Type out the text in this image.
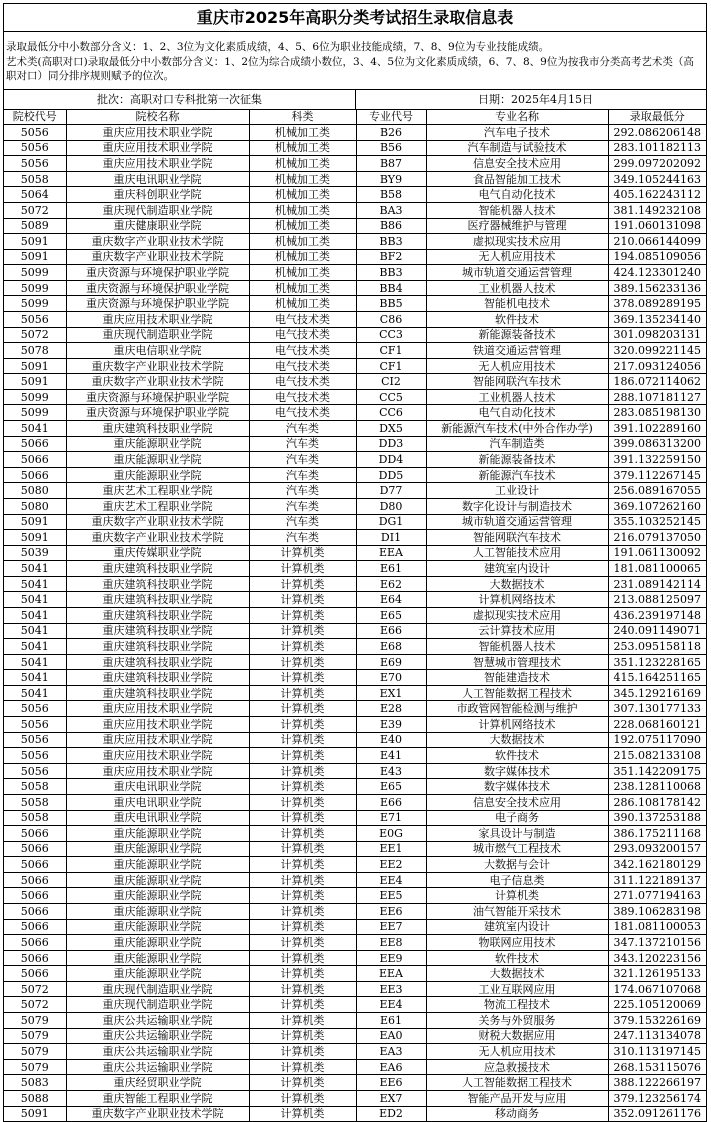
重庆市2025年高职分类考试招生录取信息表

录取最低分中小数部分含义：1、2、3位为文化素质成绩，4、5、6位为职业技能成绩，7、8、9位为专业技能成绩。

艺术类(高职对口)录取最低分中小数部分含义：1、2位为综合成绩小数位，3、4、5位为文化素质成绩，6、7、8、9位为按我市分类高考艺术类（高职对口）同分排序规则赋予的位次。

批次：高职对口专科批第一次征集	日期：2025年4月15日
院校代号	院校名称	科类	专业代号	专业名称	录取最低分
5056	重庆应用技术职业学院	机械加工类	B26	汽车电子技术	292.086206148
5056	重庆应用技术职业学院	机械加工类	B56	汽车制造与试验技术	283.101182113
5056	重庆应用技术职业学院	机械加工类	B87	信息安全技术应用	299.097202092
5058	重庆电讯职业学院	机械加工类	BY9	食品智能加工技术	349.105244163
5064	重庆科创职业学院	机械加工类	B58	电气自动化技术	405.162243112
5072	重庆现代制造职业学院	机械加工类	BA3	智能机器人技术	381.149232108
5089	重庆健康职业学院	机械加工类	B86	医疗器械维护与管理	191.060131098
5091	重庆数字产业职业技术学院	机械加工类	BB3	虚拟现实技术应用	210.066144099
5091	重庆数字产业职业技术学院	机械加工类	BF2	无人机应用技术	194.085109056
5099	重庆资源与环境保护职业学院	机械加工类	BB3	城市轨道交通运营管理	424.123301240
5099	重庆资源与环境保护职业学院	机械加工类	BB4	工业机器人技术	389.156233136
5099	重庆资源与环境保护职业学院	机械加工类	BB5	智能机电技术	378.089289195
5056	重庆应用技术职业学院	电气技术类	C86	软件技术	369.135234140
5072	重庆现代制造职业学院	电气技术类	CC3	新能源装备技术	301.098203131
5078	重庆电信职业学院	电气技术类	CF1	铁道交通运营管理	320.099221145
5091	重庆数字产业职业技术学院	电气技术类	CF1	无人机应用技术	217.093124056
5091	重庆数字产业职业技术学院	电气技术类	CI2	智能网联汽车技术	186.072114062
5099	重庆资源与环境保护职业学院	电气技术类	CC5	工业机器人技术	288.107181127
5099	重庆资源与环境保护职业学院	电气技术类	CC6	电气自动化技术	283.085198130
5041	重庆建筑科技职业学院	汽车类	DX5	新能源汽车技术(中外合作办学)	391.102289160
5066	重庆能源职业学院	汽车类	DD3	汽车制造类	399.086313200
5066	重庆能源职业学院	汽车类	DD4	新能源装备技术	391.132259150
5066	重庆能源职业学院	汽车类	DD5	新能源汽车技术	379.112267145
5080	重庆艺术工程职业学院	汽车类	D77	工业设计	256.089167055
5080	重庆艺术工程职业学院	汽车类	D80	数字化设计与制造技术	369.107262160
5091	重庆数字产业职业技术学院	汽车类	DG1	城市轨道交通运营管理	355.103252145
5091	重庆数字产业职业技术学院	汽车类	DI1	智能网联汽车技术	216.079137050
5039	重庆传媒职业学院	计算机类	EEA	人工智能技术应用	191.061130092
5041	重庆建筑科技职业学院	计算机类	E61	建筑室内设计	181.081100065
5041	重庆建筑科技职业学院	计算机类	E62	大数据技术	231.089142114
5041	重庆建筑科技职业学院	计算机类	E64	计算机网络技术	213.088125097
5041	重庆建筑科技职业学院	计算机类	E65	虚拟现实技术应用	436.239197148
5041	重庆建筑科技职业学院	计算机类	E66	云计算技术应用	240.091149071
5041	重庆建筑科技职业学院	计算机类	E68	智能机器人技术	253.095158118
5041	重庆建筑科技职业学院	计算机类	E69	智慧城市管理技术	351.123228165
5041	重庆建筑科技职业学院	计算机类	E70	智能建造技术	415.164251165
5041	重庆建筑科技职业学院	计算机类	EX1	人工智能数据工程技术	345.129216169
5056	重庆应用技术职业学院	计算机类	E28	市政管网智能检测与维护	307.130177133
5056	重庆应用技术职业学院	计算机类	E39	计算机网络技术	228.068160121
5056	重庆应用技术职业学院	计算机类	E40	大数据技术	192.075117090
5056	重庆应用技术职业学院	计算机类	E41	软件技术	215.082133108
5056	重庆应用技术职业学院	计算机类	E43	数字媒体技术	351.142209175
5058	重庆电讯职业学院	计算机类	E65	数字媒体技术	238.128110068
5058	重庆电讯职业学院	计算机类	E66	信息安全技术应用	286.108178142
5058	重庆电讯职业学院	计算机类	E71	电子商务	390.137253188
5066	重庆能源职业学院	计算机类	E0G	家具设计与制造	386.175211168
5066	重庆能源职业学院	计算机类	EE1	城市燃气工程技术	293.093200157
5066	重庆能源职业学院	计算机类	EE2	大数据与会计	342.162180129
5066	重庆能源职业学院	计算机类	EE4	电子信息类	311.122189137
5066	重庆能源职业学院	计算机类	EE5	计算机类	271.077194163
5066	重庆能源职业学院	计算机类	EE6	油气智能开采技术	389.106283198
5066	重庆能源职业学院	计算机类	EE7	建筑室内设计	181.081100053
5066	重庆能源职业学院	计算机类	EE8	物联网应用技术	347.137210156
5066	重庆能源职业学院	计算机类	EE9	软件技术	343.120223156
5066	重庆能源职业学院	计算机类	EEA	大数据技术	321.126195133
5072	重庆现代制造职业学院	计算机类	EE3	工业互联网应用	174.067107068
5072	重庆现代制造职业学院	计算机类	EE4	物流工程技术	225.105120069
5079	重庆公共运输职业学院	计算机类	E61	关务与外贸服务	379.153226169
5079	重庆公共运输职业学院	计算机类	EA0	财税大数据应用	247.113134078
5079	重庆公共运输职业学院	计算机类	EA3	无人机应用技术	310.113197145
5079	重庆公共运输职业学院	计算机类	EA6	应急救援技术	268.153115076
5083	重庆经贸职业学院	计算机类	EE6	人工智能数据工程技术	388.122266197
5088	重庆智能工程职业学院	计算机类	EX7	智能产品开发与应用	379.123256174
5091	重庆数字产业职业技术学院	计算机类	ED2	移动商务	352.091261176
